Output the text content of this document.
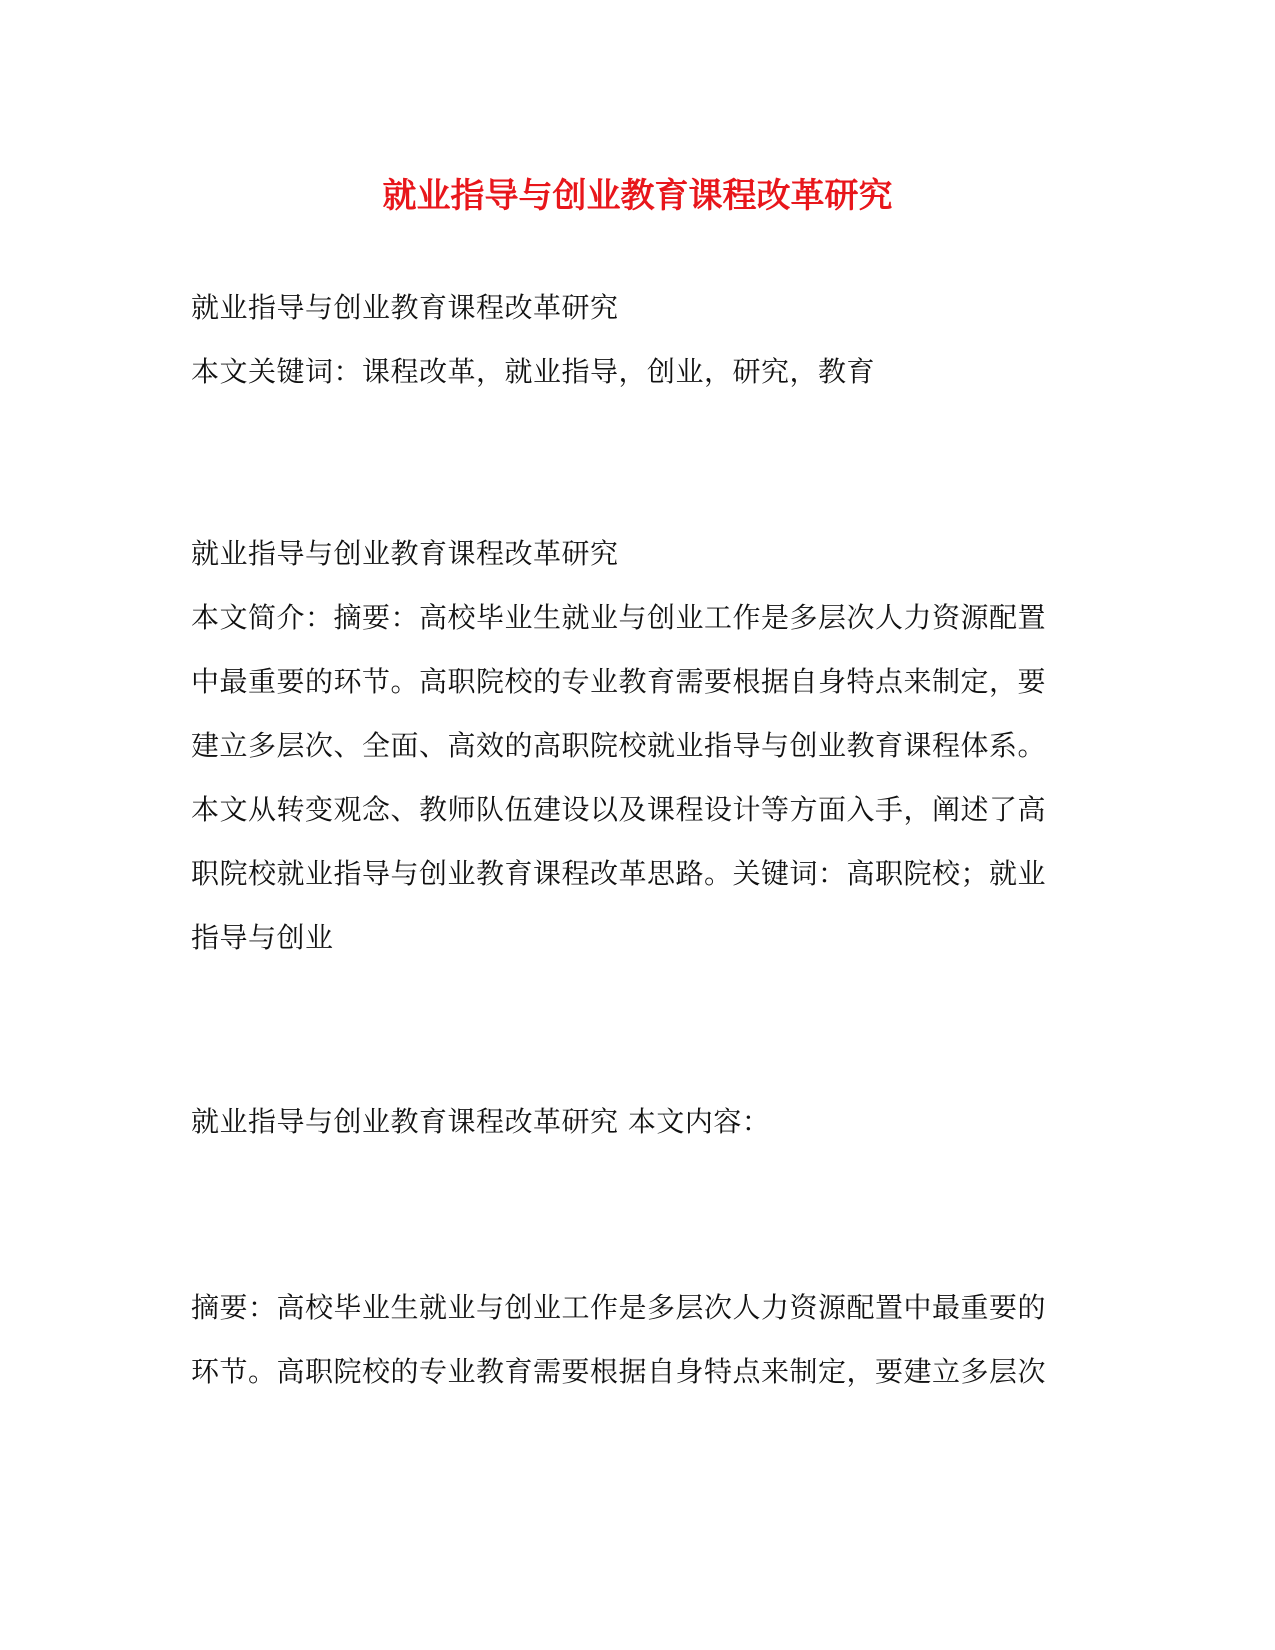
就业指导与创业教育课程改革研究
就业指导与创业教育课程改革研究
本文关键词：课程改革，就业指导，创业，研究，教育
就业指导与创业教育课程改革研究
本文简介：摘要：高校毕业生就业与创业工作是多层次人力资源配置
中最重要的环节。高职院校的专业教育需要根据自身特点来制定，要
建立多层次、全面、高效的高职院校就业指导与创业教育课程体系。
本文从转变观念、教师队伍建设以及课程设计等方面入手，阐述了高
职院校就业指导与创业教育课程改革思路。关键词：高职院校；就业
指导与创业
就业指导与创业教育课程改革研究 本文内容：
摘要：高校毕业生就业与创业工作是多层次人力资源配置中最重要的
环节。高职院校的专业教育需要根据自身特点来制定，要建立多层次
